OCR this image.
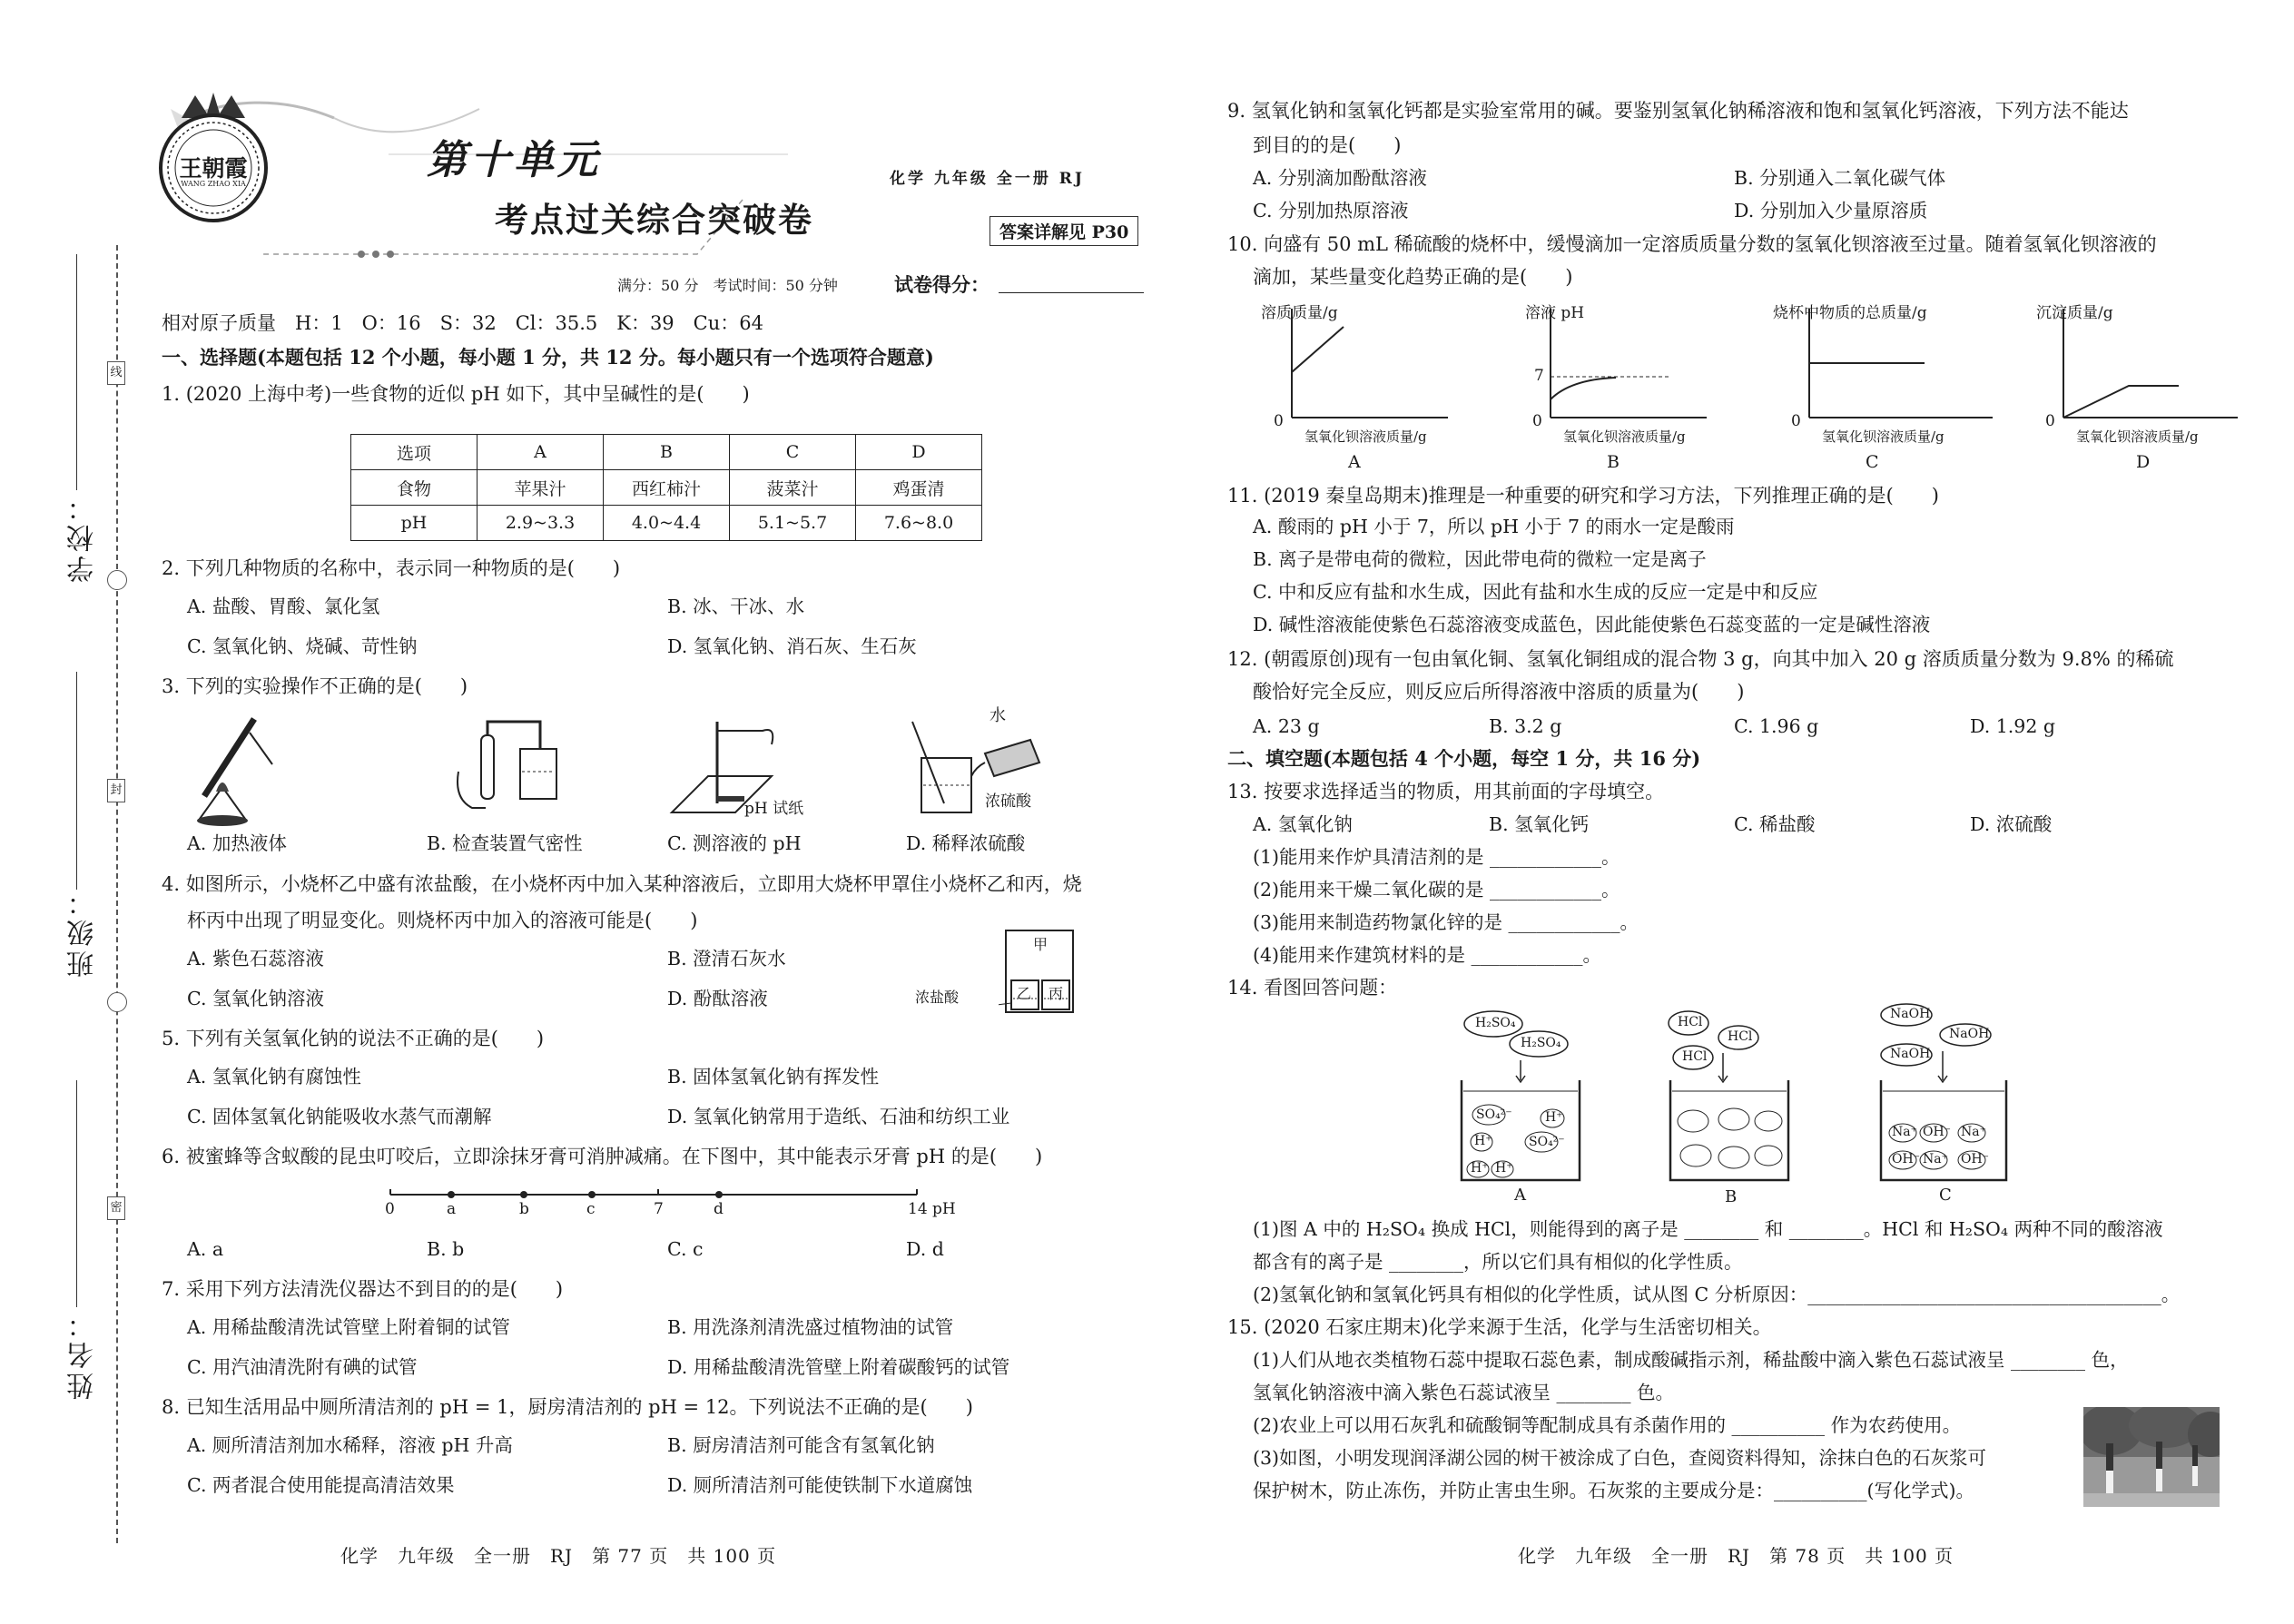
线
封
密
学校：
班级：
姓名：
王朝霞
WANG ZHAO XIA
第十单元
考点过关综合突破卷
化学 九年级 全一册 RJ
答案详解见 P30
满分：50 分　考试时间：50 分钟	试卷得分：
相对原子质量　H：1　O：16　S：32　Cl：35.5　K：39　Cu：64
一、选择题(本题包括 12 个小题，每小题 1 分，共 12 分。每小题只有一个选项符合题意)
1. (2020 上海中考)一些食物的近似 pH 如下，其中呈碱性的是(　　)
选项	A	B	C	D
食物	苹果汁	西红柿汁	菠菜汁	鸡蛋清
pH	2.9~3.3	4.0~4.4	5.1~5.7	7.6~8.0
2. 下列几种物质的名称中，表示同一种物质的是(　　)
A. 盐酸、胃酸、氯化氢	B. 冰、干冰、水
C. 氢氧化钠、烧碱、苛性钠	D. 氢氧化钠、消石灰、生石灰
3. 下列的实验操作不正确的是(　　)
pH 试纸
水
浓硫酸
A. 加热液体	B. 检查装置气密性	C. 测溶液的 pH	D. 稀释浓硫酸
4. 如图所示，小烧杯乙中盛有浓盐酸，在小烧杯丙中加入某种溶液后，立即用大烧杯甲罩住小烧杯乙和丙，烧
杯丙中出现了明显变化。则烧杯丙中加入的溶液可能是(　　)
A. 紫色石蕊溶液	B. 澄清石灰水
C. 氢氧化钠溶液	D. 酚酞溶液
甲
乙 丙
浓盐酸
5. 下列有关氢氧化钠的说法不正确的是(　　)
A. 氢氧化钠有腐蚀性	B. 固体氢氧化钠有挥发性
C. 固体氢氧化钠能吸收水蒸气而潮解	D. 氢氧化钠常用于造纸、石油和纺织工业
6. 被蜜蜂等含蚁酸的昆虫叮咬后，立即涂抹牙膏可消肿减痛。在下图中，其中能表示牙膏 pH 的是(　　)
0	a	b	c	7	d	14 pH
A. a	B. b	C. c	D. d
7. 采用下列方法清洗仪器达不到目的的是(　　)
A. 用稀盐酸清洗试管壁上附着铜的试管	B. 用洗涤剂清洗盛过植物油的试管
C. 用汽油清洗附有碘的试管	D. 用稀盐酸清洗管壁上附着碳酸钙的试管
8. 已知生活用品中厕所清洁剂的 pH = 1，厨房清洁剂的 pH = 12。下列说法不正确的是(　　)
A. 厕所清洁剂加水稀释，溶液 pH 升高	B. 厨房清洁剂可能含有氢氧化钠
C. 两者混合使用能提高清洁效果	D. 厕所清洁剂可能使铁制下水道腐蚀
化学　九年级　全一册　RJ　第 77 页　共 100 页
9. 氢氧化钠和氢氧化钙都是实验室常用的碱。要鉴别氢氧化钠稀溶液和饱和氢氧化钙溶液，下列方法不能达
到目的的是(　　)
A. 分别滴加酚酞溶液	B. 分别通入二氧化碳气体
C. 分别加热原溶液	D. 分别加入少量原溶质
10. 向盛有 50 mL 稀硫酸的烧杯中，缓慢滴加一定溶质质量分数的氢氧化钡溶液至过量。随着氢氧化钡溶液的
滴加，某些量变化趋势正确的是(　　)
溶质质量/g
0
氢氧化钡溶液质量/g
A
溶液 pH
7
0
氢氧化钡溶液质量/g
B
烧杯中物质的总质量/g
0
氢氧化钡溶液质量/g
C
沉淀质量/g
0
氢氧化钡溶液质量/g
D
11. (2019 秦皇岛期末)推理是一种重要的研究和学习方法，下列推理正确的是(　　)
A. 酸雨的 pH 小于 7，所以 pH 小于 7 的雨水一定是酸雨
B. 离子是带电荷的微粒，因此带电荷的微粒一定是离子
C. 中和反应有盐和水生成，因此有盐和水生成的反应一定是中和反应
D. 碱性溶液能使紫色石蕊溶液变成蓝色，因此能使紫色石蕊变蓝的一定是碱性溶液
12. (朝霞原创)现有一包由氧化铜、氢氧化铜组成的混合物 3 g，向其中加入 20 g 溶质质量分数为 9.8% 的稀硫
酸恰好完全反应，则反应后所得溶液中溶质的质量为(　　)
A. 23 g	B. 3.2 g	C. 1.96 g	D. 1.92 g
二、填空题(本题包括 4 个小题，每空 1 分，共 16 分)
13. 按要求选择适当的物质，用其前面的字母填空。
A. 氢氧化钠	B. 氢氧化钙	C. 稀盐酸	D. 浓硫酸
(1)能用来作炉具清洁剂的是 ____________。
(2)能用来干燥二氧化碳的是 ____________。
(3)能用来制造药物氯化锌的是 ____________。
(4)能用来作建筑材料的是 ____________。
14. 看图回答问题：
H₂SO₄
H₂SO₄
SO₄²⁻	H⁺
H⁺	SO₄²⁻
H⁺ H⁺
A
HCl
HCl
HCl
B
NaOH
NaOH
NaOH
Na⁺ OH⁻ Na⁺
OH⁻ Na⁺ OH⁻
C
(1)图 A 中的 H₂SO₄ 换成 HCl，则能得到的离子是 ________ 和 ________。HCl 和 H₂SO₄ 两种不同的酸溶液
都含有的离子是 ________，所以它们具有相似的化学性质。
(2)氢氧化钠和氢氧化钙具有相似的化学性质，试从图 C 分析原因：______________________________________。
15. (2020 石家庄期末)化学来源于生活，化学与生活密切相关。
(1)人们从地衣类植物石蕊中提取石蕊色素，制成酸碱指示剂，稀盐酸中滴入紫色石蕊试液呈 ________ 色，
氢氧化钠溶液中滴入紫色石蕊试液呈 ________ 色。
(2)农业上可以用石灰乳和硫酸铜等配制成具有杀菌作用的 __________ 作为农药使用。
(3)如图，小明发现润泽湖公园的树干被涂成了白色，查阅资料得知，涂抹白色的石灰浆可
保护树木，防止冻伤，并防止害虫生卵。石灰浆的主要成分是：__________(写化学式)。
化学　九年级　全一册　RJ　第 78 页　共 100 页
